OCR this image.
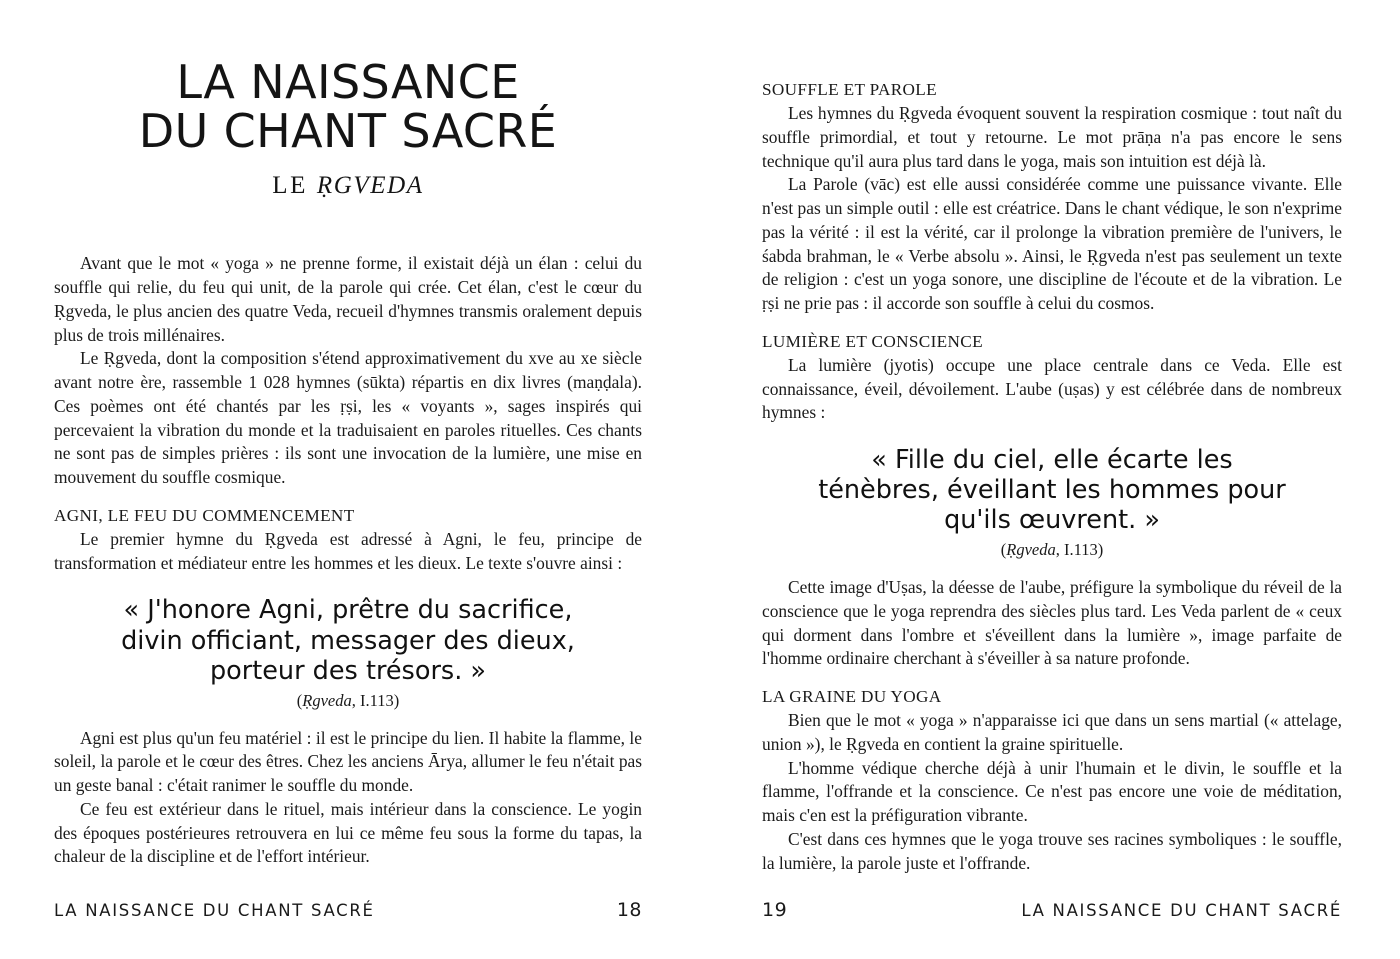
LA NAISSANCE
DU CHANT SACRÉ
LE ṚGVEDA

Avant que le mot « yoga » ne prenne forme, il existait déjà un élan : celui du souffle qui relie, du feu qui unit, de la parole qui crée. Cet élan, c'est le cœur du Ṛgveda, le plus ancien des quatre Veda, recueil d'hymnes transmis oralement depuis plus de trois millénaires.

Le Ṛgveda, dont la composition s'étend approximativement du xve au xe siècle avant notre ère, rassemble 1 028 hymnes (sūkta) répartis en dix livres (maṇḍala). Ces poèmes ont été chantés par les ṛṣi, les « voyants », sages inspirés qui percevaient la vibration du monde et la traduisaient en paroles rituelles. Ces chants ne sont pas de simples prières : ils sont une invocation de la lumière, une mise en mouvement du souffle cosmique.

AGNI, LE FEU DU COMMENCEMENT

Le premier hymne du Ṛgveda est adressé à Agni, le feu, principe de transformation et médiateur entre les hommes et les dieux. Le texte s'ouvre ainsi :

« J'honore Agni, prêtre du sacrifice,
divin officiant, messager des dieux,
porteur des trésors. »
(Ṛgveda, I.113)

Agni est plus qu'un feu matériel : il est le principe du lien. Il habite la flamme, le soleil, la parole et le cœur des êtres. Chez les anciens Ārya, allumer le feu n'était pas un geste banal : c'était ranimer le souffle du monde.

Ce feu est extérieur dans le rituel, mais intérieur dans la conscience. Le yogin des époques postérieures retrouvera en lui ce même feu sous la forme du tapas, la chaleur de la discipline et de l'effort intérieur.

LA NAISSANCE DU CHANT SACRÉ	18
SOUFFLE ET PAROLE

Les hymnes du Ṛgveda évoquent souvent la respiration cosmique : tout naît du souffle primordial, et tout y retourne. Le mot prāṇa n'a pas encore le sens technique qu'il aura plus tard dans le yoga, mais son intuition est déjà là.

La Parole (vāc) est elle aussi considérée comme une puissance vivante. Elle n'est pas un simple outil : elle est créatrice. Dans le chant védique, le son n'exprime pas la vérité : il est la vérité, car il prolonge la vibration première de l'univers, le śabda brahman, le « Verbe absolu ». Ainsi, le Ṛgveda n'est pas seulement un texte de religion : c'est un yoga sonore, une discipline de l'écoute et de la vibration. Le ṛṣi ne prie pas : il accorde son souffle à celui du cosmos.

LUMIÈRE ET CONSCIENCE

La lumière (jyotis) occupe une place centrale dans ce Veda. Elle est connaissance, éveil, dévoilement. L'aube (uṣas) y est célébrée dans de nombreux hymnes :

« Fille du ciel, elle écarte les
ténèbres, éveillant les hommes pour
qu'ils œuvrent. »
(Ṛgveda, I.113)

Cette image d'Uṣas, la déesse de l'aube, préfigure la symbolique du réveil de la conscience que le yoga reprendra des siècles plus tard. Les Veda parlent de « ceux qui dorment dans l'ombre et s'éveillent dans la lumière », image parfaite de l'homme ordinaire cherchant à s'éveiller à sa nature profonde.

LA GRAINE DU YOGA

Bien que le mot « yoga » n'apparaisse ici que dans un sens martial (« attelage, union »), le Ṛgveda en contient la graine spirituelle.

L'homme védique cherche déjà à unir l'humain et le divin, le souffle et la flamme, l'offrande et la conscience. Ce n'est pas encore une voie de méditation, mais c'en est la préfiguration vibrante.

C'est dans ces hymnes que le yoga trouve ses racines symboliques : le souffle, la lumière, la parole juste et l'offrande.

LA NAISSANCE DU CHANT SACRÉ
19
